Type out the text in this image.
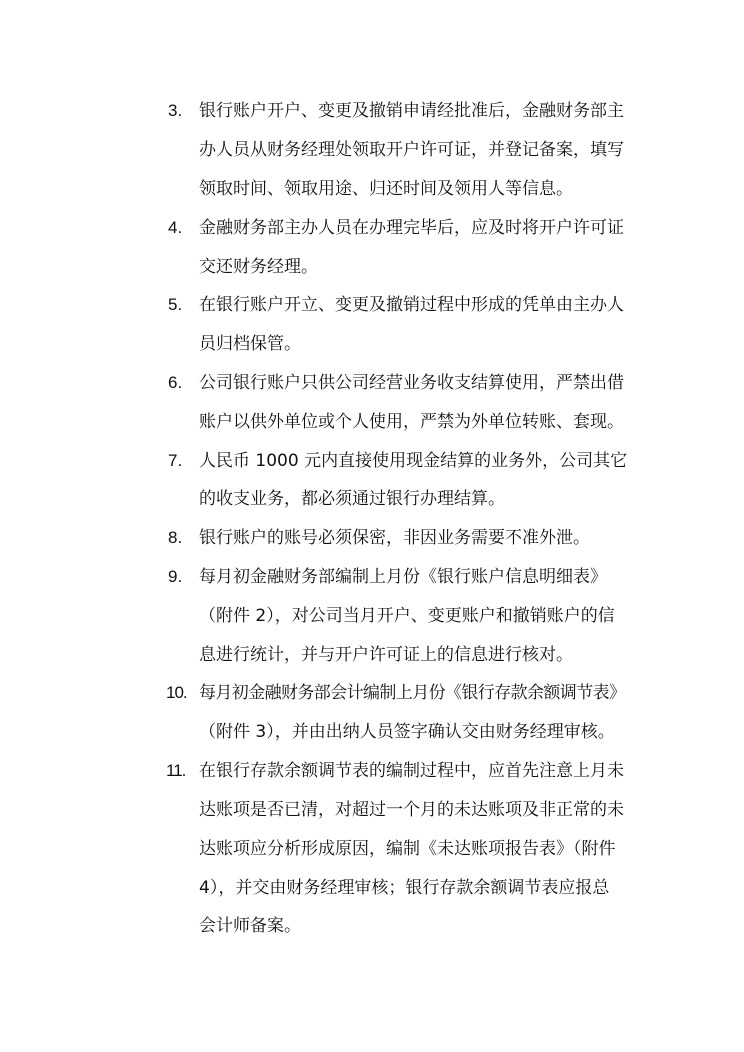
3. 银行账户开户、变更及撤销申请经批准后，金融财务部主
办人员从财务经理处领取开户许可证，并登记备案，填写
领取时间、领取用途、归还时间及领用人等信息。
4. 金融财务部主办人员在办理完毕后，应及时将开户许可证
交还财务经理。
5. 在银行账户开立、变更及撤销过程中形成的凭单由主办人
员归档保管。
6. 公司银行账户只供公司经营业务收支结算使用，严禁出借
账户以供外单位或个人使用，严禁为外单位转账、套现。
7. 人民币 1000 元内直接使用现金结算的业务外，公司其它
的收支业务，都必须通过银行办理结算。
8. 银行账户的账号必须保密，非因业务需要不准外泄。
9. 每月初金融财务部编制上月份《银行账户信息明细表》
（附件 2），对公司当月开户、变更账户和撤销账户的信
息进行统计，并与开户许可证上的信息进行核对。
10. 每月初金融财务部会计编制上月份《银行存款余额调节表》
（附件 3），并由出纳人员签字确认交由财务经理审核。
11. 在银行存款余额调节表的编制过程中，应首先注意上月未
达账项是否已清，对超过一个月的未达账项及非正常的未
达账项应分析形成原因，编制《未达账项报告表》（附件
4），并交由财务经理审核；银行存款余额调节表应报总
会计师备案。
